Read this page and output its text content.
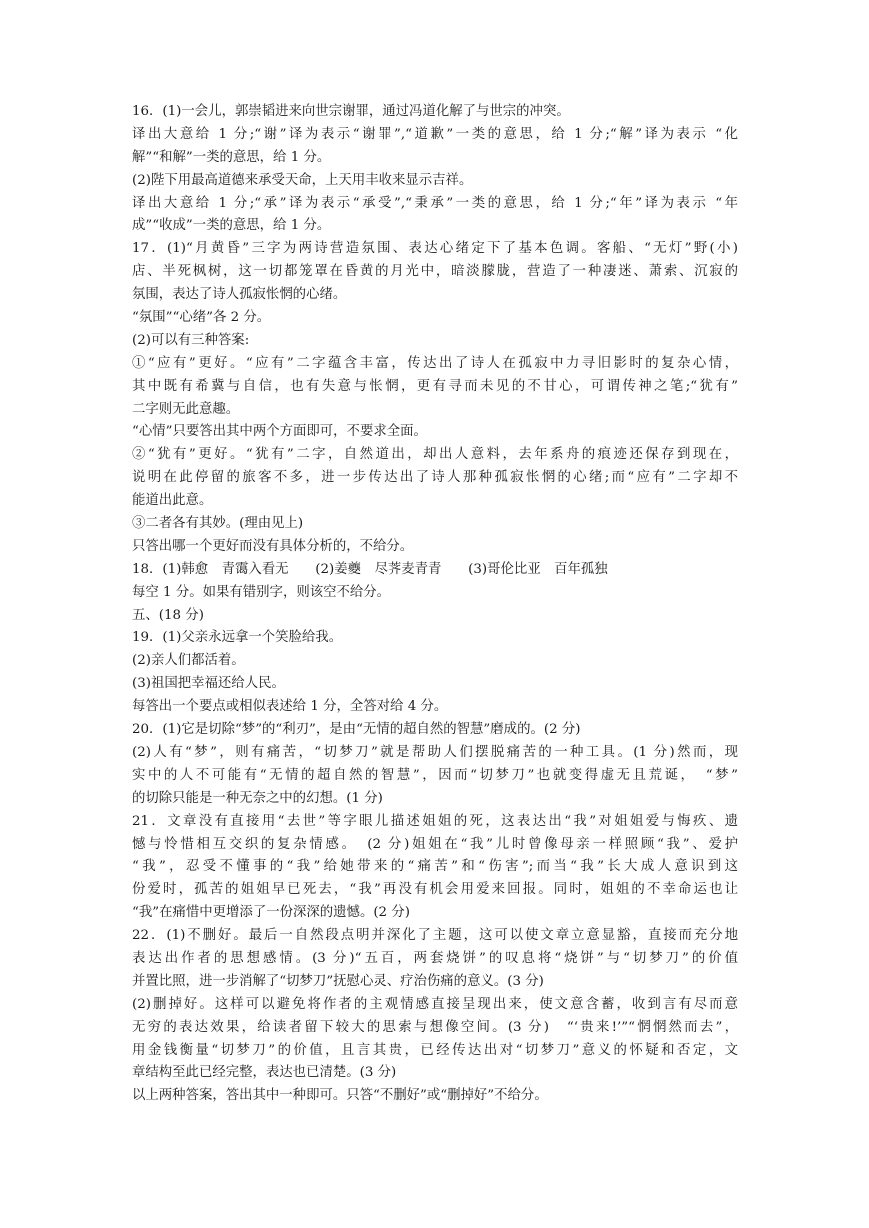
16．(1)一会儿，郭崇韬进来向世宗谢罪，通过冯道化解了与世宗的冲突。
译出大意给 1 分;“谢”译为表示“谢罪”,“道歉”一类的意思，给 1 分;“解”译为表示 “化
解”“和解”一类的意思，给 1 分。
(2)陛下用最高道德来承受天命，上天用丰收来显示吉祥。
译出大意给 1 分;“承”译为表示“承受”,“秉承”一类的意思，给 1 分;“年”译为表示 “年
成”“收成”一类的意思，给 1 分。
17．(1)“月黄昏”三字为两诗营造氛围、表达心绪定下了基本色调。客船、“无灯”野(小)
店、半死枫树，这一切都笼罩在昏黄的月光中，暗淡朦胧，营造了一种凄迷、萧索、沉寂的
氛围，表达了诗人孤寂怅惘的心绪。
“氛围”“心绪”各 2 分。
(2)可以有三种答案:
①“应有”更好。“应有”二字蕴含丰富，传达出了诗人在孤寂中力寻旧影时的复杂心情，
其中既有希冀与自信，也有失意与怅惘，更有寻而未见的不甘心，可谓传神之笔;“犹有”
二字则无此意趣。
“心情”只要答出其中两个方面即可，不要求全面。
②“犹有”更好。“犹有”二字，自然道出，却出人意料，去年系舟的痕迹还保存到现在，
说明在此停留的旅客不多，进一步传达出了诗人那种孤寂怅惘的心绪;而“应有”二字却不
能道出此意。
③二者各有其妙。(理由见上)
只答出哪一个更好而没有具体分析的，不给分。
18．(1)韩愈　青霭入看无　　(2)姜夔　尽荠麦青青　　(3)哥伦比亚　百年孤独
每空 1 分。如果有错别字，则该空不给分。
五、(18 分)
19．(1)父亲永远拿一个笑脸给我。
(2)亲人们都活着。
(3)祖国把幸福还给人民。
每答出一个要点或相似表述给 1 分，全答对给 4 分。
20．(1)它是切除“梦”的“利刃”，是由“无情的超自然的智慧”磨成的。(2 分)
(2)人有“梦”，则有痛苦，“切梦刀”就是帮助人们摆脱痛苦的一种工具。(1 分)然而，现
实中的人不可能有“无情的超自然的智慧”，因而“切梦刀”也就变得虚无且荒诞，　“梦”
的切除只能是一种无奈之中的幻想。(1 分)
21．文章没有直接用“去世”等字眼儿描述姐姐的死，这表达出“我”对姐姐爱与悔疚、遗
憾与怜惜相互交织的复杂情感。　(2 分)姐姐在“我”儿时曾像母亲一样照顾“我”、爱护
“我”，忍受不懂事的“我”给她带来的“痛苦”和“伤害”;而当“我”长大成人意识到这
份爱时，孤苦的姐姐早已死去，“我”再没有机会用爱来回报。同时，姐姐的不幸命运也让
“我”在痛惜中更增添了一份深深的遗憾。(2 分)
22．(1)不删好。最后一自然段点明并深化了主题，这可以使文章立意显豁，直接而充分地
表达出作者的思想感情。(3 分)“五百，两套烧饼”的叹息将“烧饼”与“切梦刀”的价值
并置比照，进一步消解了“切梦刀”抚慰心灵、疗治伤痛的意义。(3 分)
(2)删掉好。这样可以避免将作者的主观情感直接呈现出来，使文意含蓄，收到言有尽而意
无穷的表达效果，给读者留下较大的思索与想像空间。(3 分)　“‘贵来!’”“惘惘然而去”，
用金钱衡量“切梦刀”的价值，且言其贵，已经传达出对“切梦刀”意义的怀疑和否定，文
章结构至此已经完整，表达也已清楚。(3 分)
以上两种答案，答出其中一种即可。只答“不删好”或“删掉好”不给分。
